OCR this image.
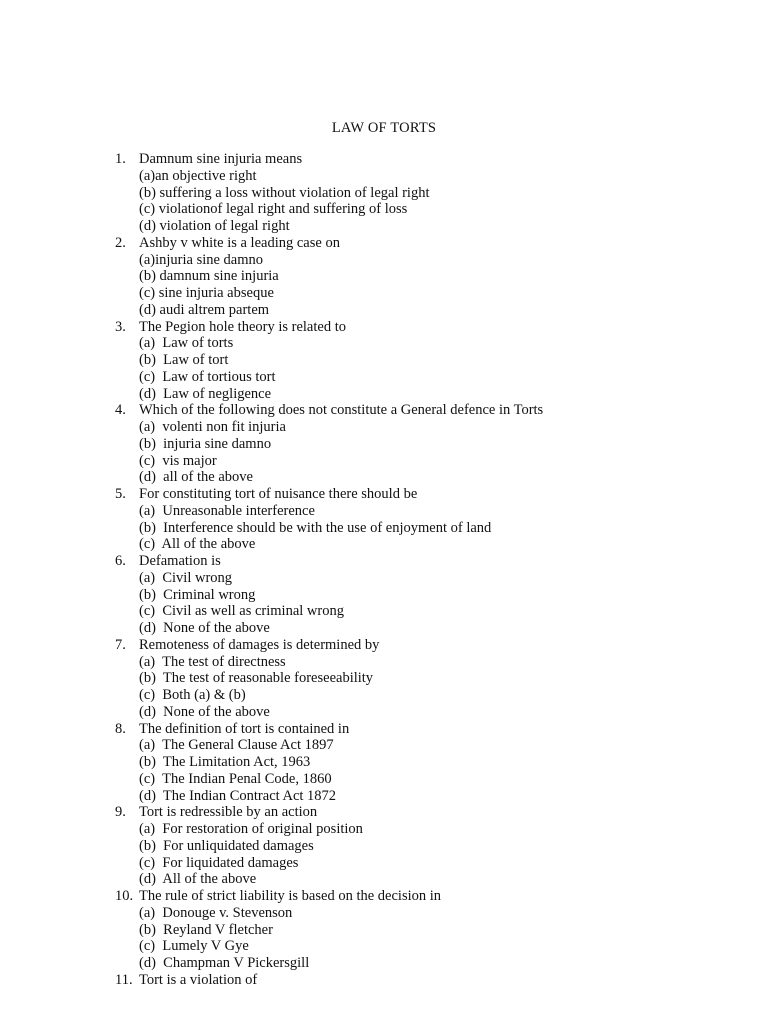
LAW OF TORTS
1. Damnum sine injuria means
(a)an objective right
(b) suffering a loss without violation of legal right
(c) violationof legal right and suffering of loss
(d) violation of legal right
2. Ashby v white is a leading case on
(a)injuria sine damno
(b) damnum sine injuria
(c) sine injuria abseque
(d) audi altrem partem
3. The Pegion hole theory is related to
(a)  Law of torts
(b)  Law of tort
(c)  Law of tortious tort
(d)  Law of negligence
4. Which of the following does not constitute a General defence in Torts
(a)  volenti non fit injuria
(b)  injuria sine damno
(c)  vis major
(d)  all of the above
5. For constituting tort of nuisance there should be
(a)  Unreasonable interference
(b)  Interference should be with the use of enjoyment of land
(c)  All of the above
6. Defamation is
(a)  Civil wrong
(b)  Criminal wrong
(c)  Civil as well as criminal wrong
(d)  None of the above
7. Remoteness of damages is determined by
(a)  The test of directness
(b)  The test of reasonable foreseeability
(c)  Both (a) & (b)
(d)  None of the above
8. The definition of tort is contained in
(a)  The General Clause Act 1897
(b)  The Limitation Act, 1963
(c)  The Indian Penal Code, 1860
(d)  The Indian Contract Act 1872
9. Tort is redressible by an action
(a)  For restoration of original position
(b)  For unliquidated damages
(c)  For liquidated damages
(d)  All of the above
10. The rule of strict liability is based on the decision in
(a)  Donouge v. Stevenson
(b)  Reyland V fletcher
(c)  Lumely V Gye
(d)  Champman V Pickersgill
11. Tort is a violation of
